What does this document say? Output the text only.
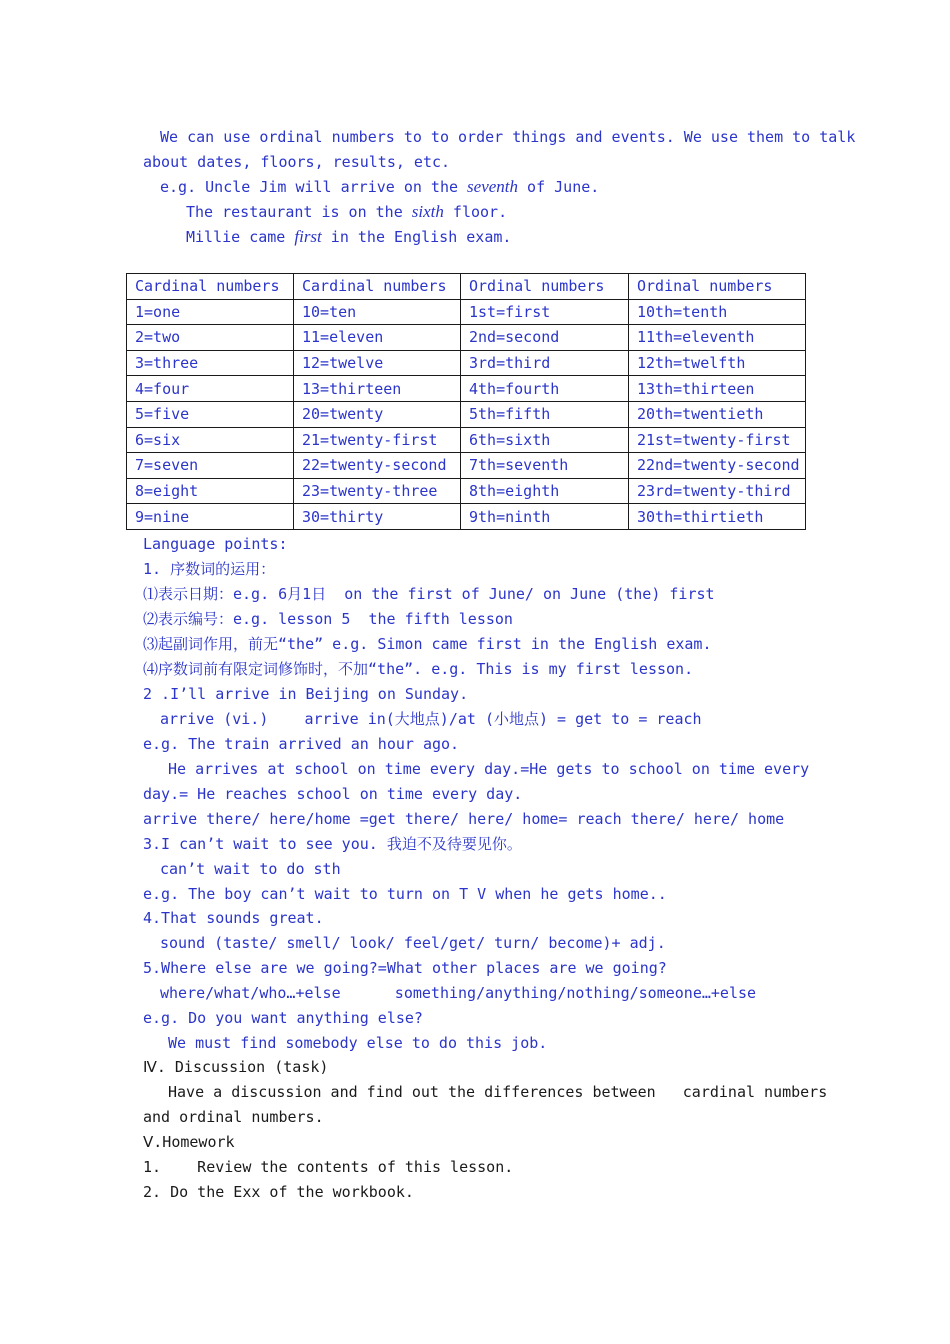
We can use ordinal numbers to to order things and events. We use them to talk
about dates, floors, results, etc.
e.g. Uncle Jim will arrive on the seventh of June.
The restaurant is on the sixth floor.
Millie came first in the English exam.
Cardinal numbers	Cardinal numbers	Ordinal numbers	Ordinal numbers
1=one	10=ten	1st=first	10th=tenth
2=two	11=eleven	2nd=second	11th=eleventh
3=three	12=twelve	3rd=third	12th=twelfth
4=four	13=thirteen	4th=fourth	13th=thirteen
5=five	20=twenty	5th=fifth	20th=twentieth
6=six	21=twenty-first	6th=sixth	21st=twenty-first
7=seven	22=twenty-second	7th=seventh	22nd=twenty-second
8=eight	23=twenty-three	8th=eighth	23rd=twenty-third
9=nine	30=thirty	9th=ninth	30th=thirtieth
Language points:
1. 序数词的运用：
⑴表示日期：e.g. 6月1日  on the first of June/ on June (the) first
⑵表示编号：e.g. lesson 5  the fifth lesson
⑶起副词作用，前无“the” e.g. Simon came first in the English exam.
⑷序数词前有限定词修饰时，不加“the”. e.g. This is my first lesson.
2 .I’ll arrive in Beijing on Sunday.
arrive (vi.)    arrive in(大地点)/at (小地点) = get to = reach
e.g. The train arrived an hour ago.
He arrives at school on time every day.=He gets to school on time every
day.= He reaches school on time every day.
arrive there/ here/home =get there/ here/ home= reach there/ here/ home
3.I can’t wait to see you. 我迫不及待要见你。
can’t wait to do sth
e.g. The boy can’t wait to turn on T V when he gets home..
4.That sounds great.
sound (taste/ smell/ look/ feel/get/ turn/ become)+ adj.
5.Where else are we going?=What other places are we going?
where/what/who…+else      something/anything/nothing/someone…+else
e.g. Do you want anything else?
We must find somebody else to do this job.
Ⅳ. Discussion (task)
Have a discussion and find out the differences between   cardinal numbers
and ordinal numbers.
Ⅴ.Homework
1.    Review the contents of this lesson.
2. Do the Exx of the workbook.
